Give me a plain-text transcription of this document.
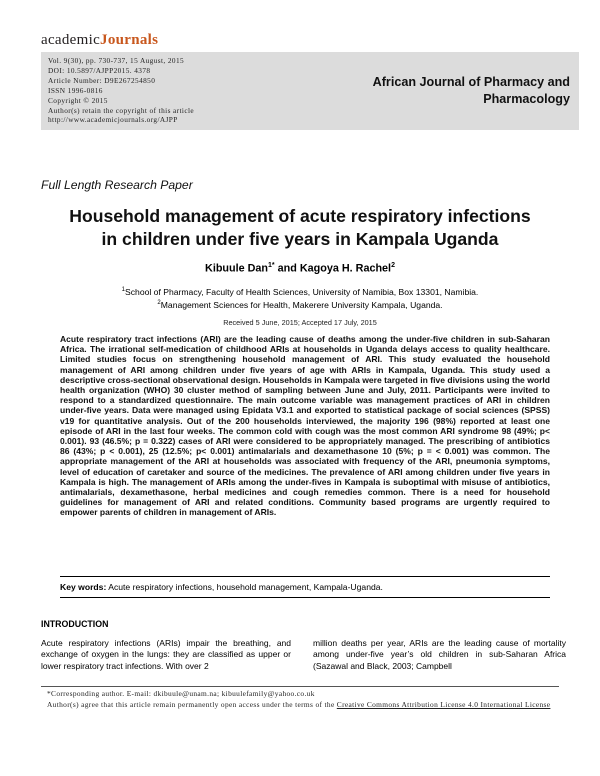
academicJournals
Vol. 9(30), pp. 730-737, 15 August, 2015
DOI: 10.5897/AJPP2015. 4378
Article Number: D9E267254850
ISSN 1996-0816
Copyright © 2015
Author(s) retain the copyright of this article
http://www.academicjournals.org/AJPP
African Journal of Pharmacy and
Pharmacology
Full Length Research Paper
Household management of acute respiratory infections
in children under five years in Kampala Uganda
Kibuule Dan$^{1*}$ and Kagoya H. Rachel$^2$
$^1$School of Pharmacy, Faculty of Health Sciences, University of Namibia, Box 13301, Namibia.
$^2$Management Sciences for Health, Makerere University Kampala, Uganda.
Received 5 June, 2015; Accepted 17 July, 2015
Acute respiratory tract infections (ARI) are the leading cause of deaths among the under-five children in sub-Saharan Africa. The irrational self-medication of childhood ARIs at households in Uganda delays access to quality healthcare. Limited studies focus on strengthening household management of ARI. This study evaluated the household management of ARI among children under five years of age with ARIs in Kampala, Uganda. This study used a descriptive cross-sectional observational design. Households in Kampala were targeted in five divisions using the world health organization (WHO) 30 cluster method of sampling between June and July, 2011. Participants were invited to respond to a standardized questionnaire. The main outcome variable was management practices of ARI in children under-five years. Data were managed using Epidata V3.1 and exported to statistical package of social sciences (SPSS) v19 for quantitative analysis. Out of the 200 households interviewed, the majority 196 (98%) reported at least one episode of ARI in the last four weeks. The common cold with cough was the most common ARI syndrome 98 (49%; p< 0.001). 93 (46.5%; p = 0.322) cases of ARI were considered to be appropriately managed. The prescribing of antibiotics 86 (43%; p < 0.001), 25 (12.5%; p< 0.001) antimalarials and dexamethasone 10 (5%; p = < 0.001) was common. The appropriate management of the ARI at households was associated with frequency of the ARI, pneumonia symptoms, level of education of caretaker and source of the medicines. The prevalence of ARI among children under five years in Kampala is high. The management of ARIs among the under-fives in Kampala is suboptimal with misuse of antibiotics, antimalarials, dexamethasone, herbal medicines and cough remedies common. There is a need for household guidelines for management of ARI and related conditions. Community based programs are urgently required to empower parents of children in management of ARIs.
Key words: Acute respiratory infections, household management, Kampala-Uganda.
INTRODUCTION
Acute respiratory infections (ARIs) impair the breathing, and exchange of oxygen in the lungs: they are classified as upper or lower respiratory tract infections. With over 2
million deaths per year, ARIs are the leading cause of mortality among under-five year’s old children in sub-Saharan Africa (Sazawal and Black, 2003; Campbell
*Corresponding author. E-mail: dkibuule@unam.na; kibuulefamily@yahoo.co.uk
Author(s) agree that this article remain permanently open access under the terms of the Creative Commons Attribution License 4.0 International License
